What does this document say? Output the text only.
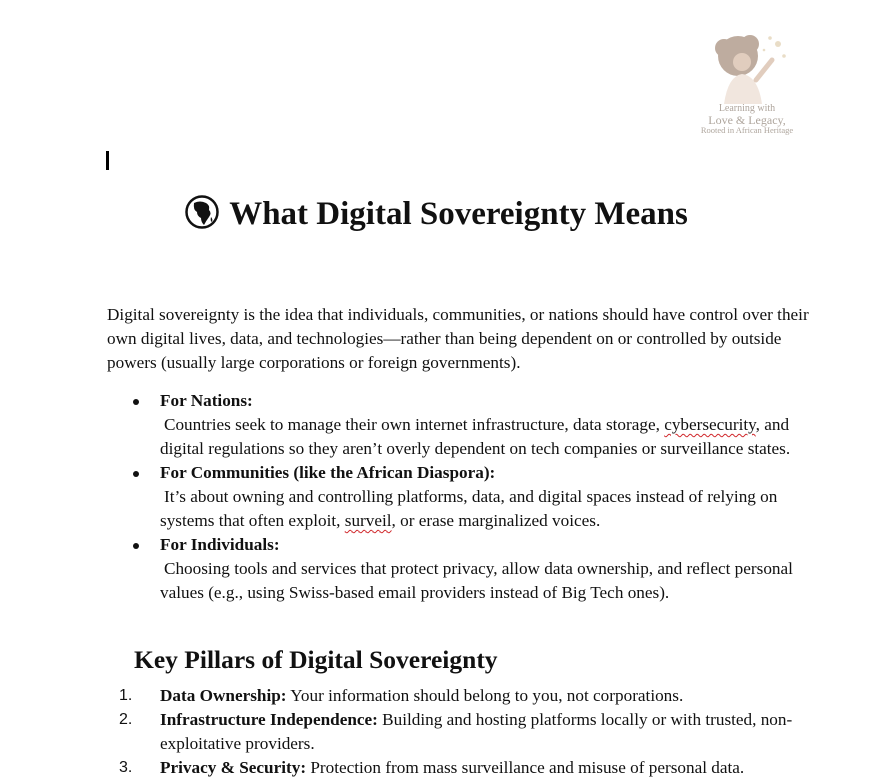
Learning with
Love & Legacy,
Rooted in African Heritage
What Digital Sovereignty Means

Digital sovereignty is the idea that individuals, communities, or nations should have control over their own digital lives, data, and technologies—rather than being dependent on or controlled by outside powers (usually large corporations or foreign governments).

For Nations:
Countries seek to manage their own internet infrastructure, data storage, cybersecurity, and digital regulations so they aren’t overly dependent on tech companies or surveillance states.
For Communities (like the African Diaspora):
It’s about owning and controlling platforms, data, and digital spaces instead of relying on systems that often exploit, surveil, or erase marginalized voices.
For Individuals:
Choosing tools and services that protect privacy, allow data ownership, and reflect personal values (e.g., using Swiss-based email providers instead of Big Tech ones).
Key Pillars of Digital Sovereignty
1. Data Ownership: Your information should belong to you, not corporations.
2. Infrastructure Independence: Building and hosting platforms locally or with trusted, non-exploitative providers.
3. Privacy & Security: Protection from mass surveillance and misuse of personal data.
